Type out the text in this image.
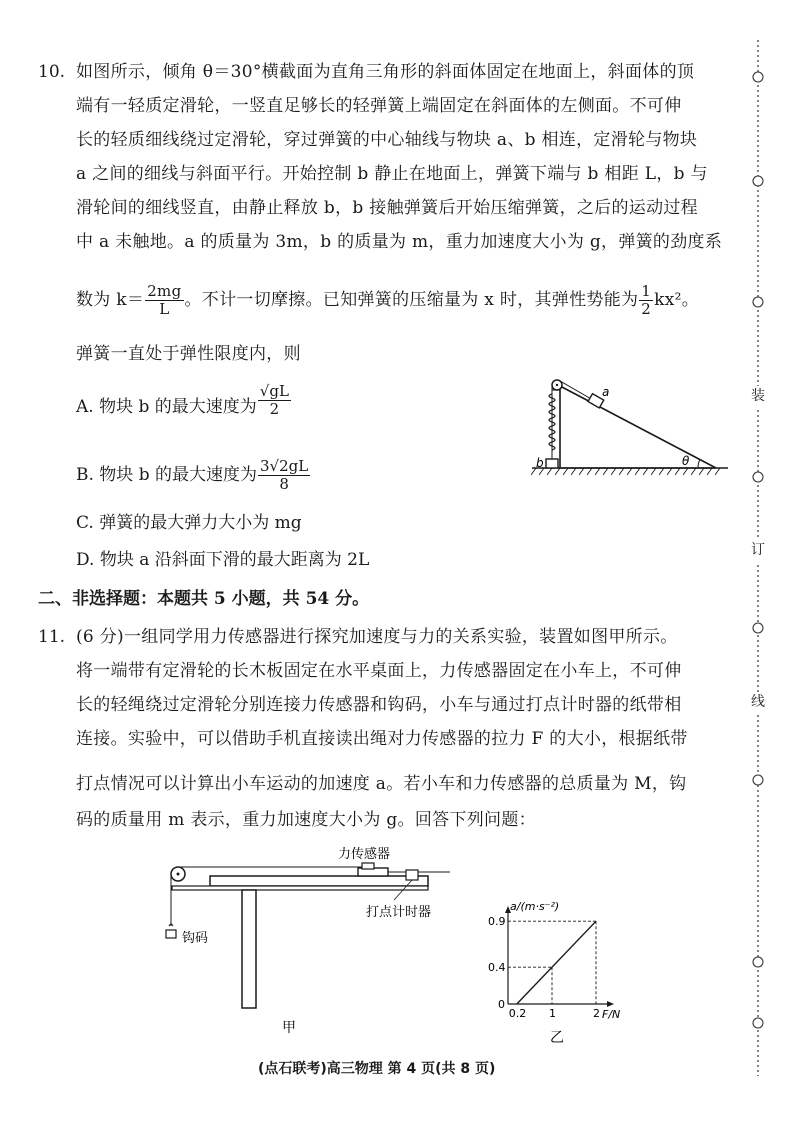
10. 如图所示，倾角 θ＝30°横截面为直角三角形的斜面体固定在地面上，斜面体的顶
端有一轻质定滑轮，一竖直足够长的轻弹簧上端固定在斜面体的左侧面。不可伸
长的轻质细线绕过定滑轮，穿过弹簧的中心轴线与物块 a、b 相连，定滑轮与物块
a 之间的细线与斜面平行。开始控制 b 静止在地面上，弹簧下端与 b 相距 L，b 与
滑轮间的细线竖直，由静止释放 b，b 接触弹簧后开始压缩弹簧，之后的运动过程
中 a 未触地。a 的质量为 3m，b 的质量为 m，重力加速度大小为 g，弹簧的劲度系
数为 $k= \frac{2mg}{L}$ 。不计一切摩擦。已知弹簧的压缩量为 x 时，其弹性势能为 $\frac{1}{2} kx^2$。
弹簧一直处于弹性限度内，则
A. 物块 b 的最大速度为 $\frac{√gL}{2}$
B. 物块 b 的最大速度为 $\frac{3√2gL}{8}$
C. 弹簧的最大弹力大小为 mg
D. 物块 a 沿斜面下滑的最大距离为 2L
θ
a
b
二、非选择题：本题共 5 小题，共 54 分。
11. (6 分)一组同学用力传感器进行探究加速度与力的关系实验，装置如图甲所示。
将一端带有定滑轮的长木板固定在水平桌面上，力传感器固定在小车上，不可伸
长的轻绳绕过定滑轮分别连接力传感器和钩码，小车与通过打点计时器的纸带相
连接。实验中，可以借助手机直接读出绳对力传感器的拉力 F 的大小，根据纸带
打点情况可以计算出小车运动的加速度 a。若小车和力传感器的总质量为 M，钩
码的质量用 m 表示，重力加速度大小为 g。回答下列问题：
钩码
力传感器
打点计时器
甲
a/(m·s⁻²)
F/N
0.2 1	2
0
0.4
0.9
乙
(点石联考)高三物理 第 4 页(共 8 页)
装
订
线
